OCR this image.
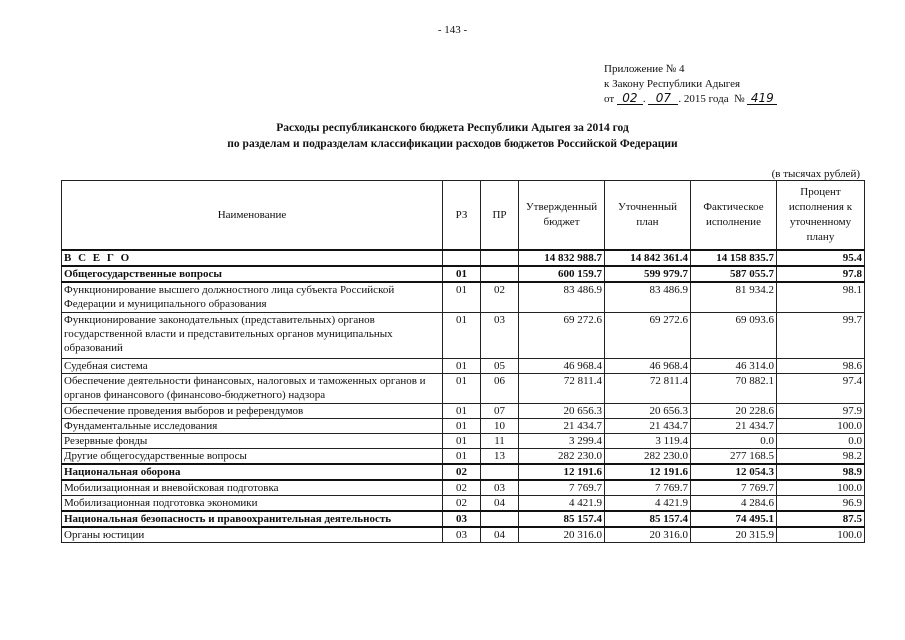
- 143 -
Приложение № 4
к Закону Республики Адыгея
от 02 . 07 . 2015 года № 419
Расходы республиканского бюджета Республики Адыгея за 2014 год
по разделам и подразделам классификации расходов бюджетов Российской Федерации
(в тысячах рублей)
Наименование	РЗ	ПР	Утвержденный бюджет	Уточненный план	Фактическое исполнение	Процент исполнения к уточненному плану
В С Е Г О			14 832 988.7	14 842 361.4	14 158 835.7	95.4
Общегосударственные вопросы	01		600 159.7	599 979.7	587 055.7	97.8
Функционирование высшего должностного лица субъекта Российской Федерации и муниципального образования	01	02	83 486.9	83 486.9	81 934.2	98.1
Функционирование законодательных (представительных) органов государственной власти и представительных органов муниципальных образований	01	03	69 272.6	69 272.6	69 093.6	99.7
Судебная система	01	05	46 968.4	46 968.4	46 314.0	98.6
Обеспечение деятельности финансовых, налоговых и таможенных органов и органов финансового (финансово-бюджетного) надзора	01	06	72 811.4	72 811.4	70 882.1	97.4
Обеспечение проведения выборов и референдумов	01	07	20 656.3	20 656.3	20 228.6	97.9
Фундаментальные исследования	01	10	21 434.7	21 434.7	21 434.7	100.0
Резервные фонды	01	11	3 299.4	3 119.4	0.0	0.0
Другие общегосударственные вопросы	01	13	282 230.0	282 230.0	277 168.5	98.2
Национальная оборона	02		12 191.6	12 191.6	12 054.3	98.9
Мобилизационная и вневойсковая подготовка	02	03	7 769.7	7 769.7	7 769.7	100.0
Мобилизационная подготовка экономики	02	04	4 421.9	4 421.9	4 284.6	96.9
Национальная безопасность и правоохранительная деятельность	03		85 157.4	85 157.4	74 495.1	87.5
Органы юстиции	03	04	20 316.0	20 316.0	20 315.9	100.0
